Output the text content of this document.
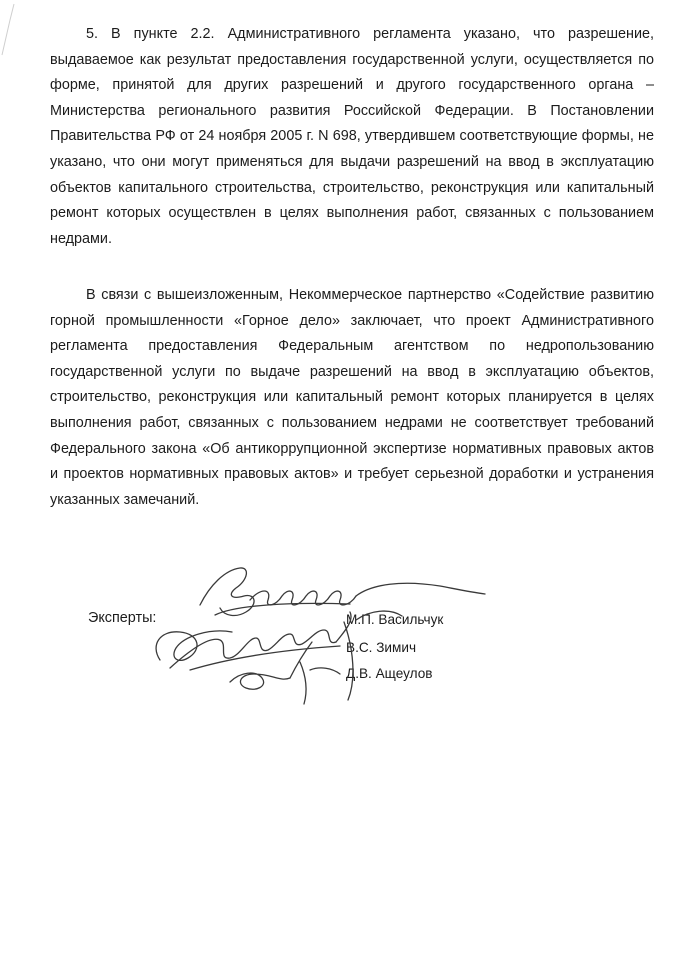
5. В пункте 2.2. Административного регламента указано, что разрешение, выдаваемое как результат предоставления государственной услуги, осуществляется по форме, принятой для других разрешений и другого государственного органа – Министерства регионального развития Российской Федерации. В Постановлении Правительства РФ от 24 ноября 2005 г. N 698, утвердившем соответствующие формы, не указано, что они могут применяться для выдачи разрешений на ввод в эксплуатацию объектов капитального строительства, строительство, реконструкция или капитальный ремонт которых осуществлен в целях выполнения работ, связанных с пользованием недрами.

В связи с вышеизложенным, Некоммерческое партнерство «Содействие развитию горной промышленности «Горное дело» заключает, что проект Административного регламента предоставления Федеральным агентством по недропользованию государственной услуги по выдаче разрешений на ввод в эксплуатацию объектов, строительство, реконструкция или капитальный ремонт которых планируется в целях выполнения работ, связанных с пользованием недрами не соответствует требований Федерального закона «Об антикоррупционной экспертизе нормативных правовых актов и проектов нормативных правовых актов» и требует серьезной доработки и устранения указанных замечаний.

Эксперты:	М.П. Васильчук
В.С. Зимич
Д.В. Ащеулов
